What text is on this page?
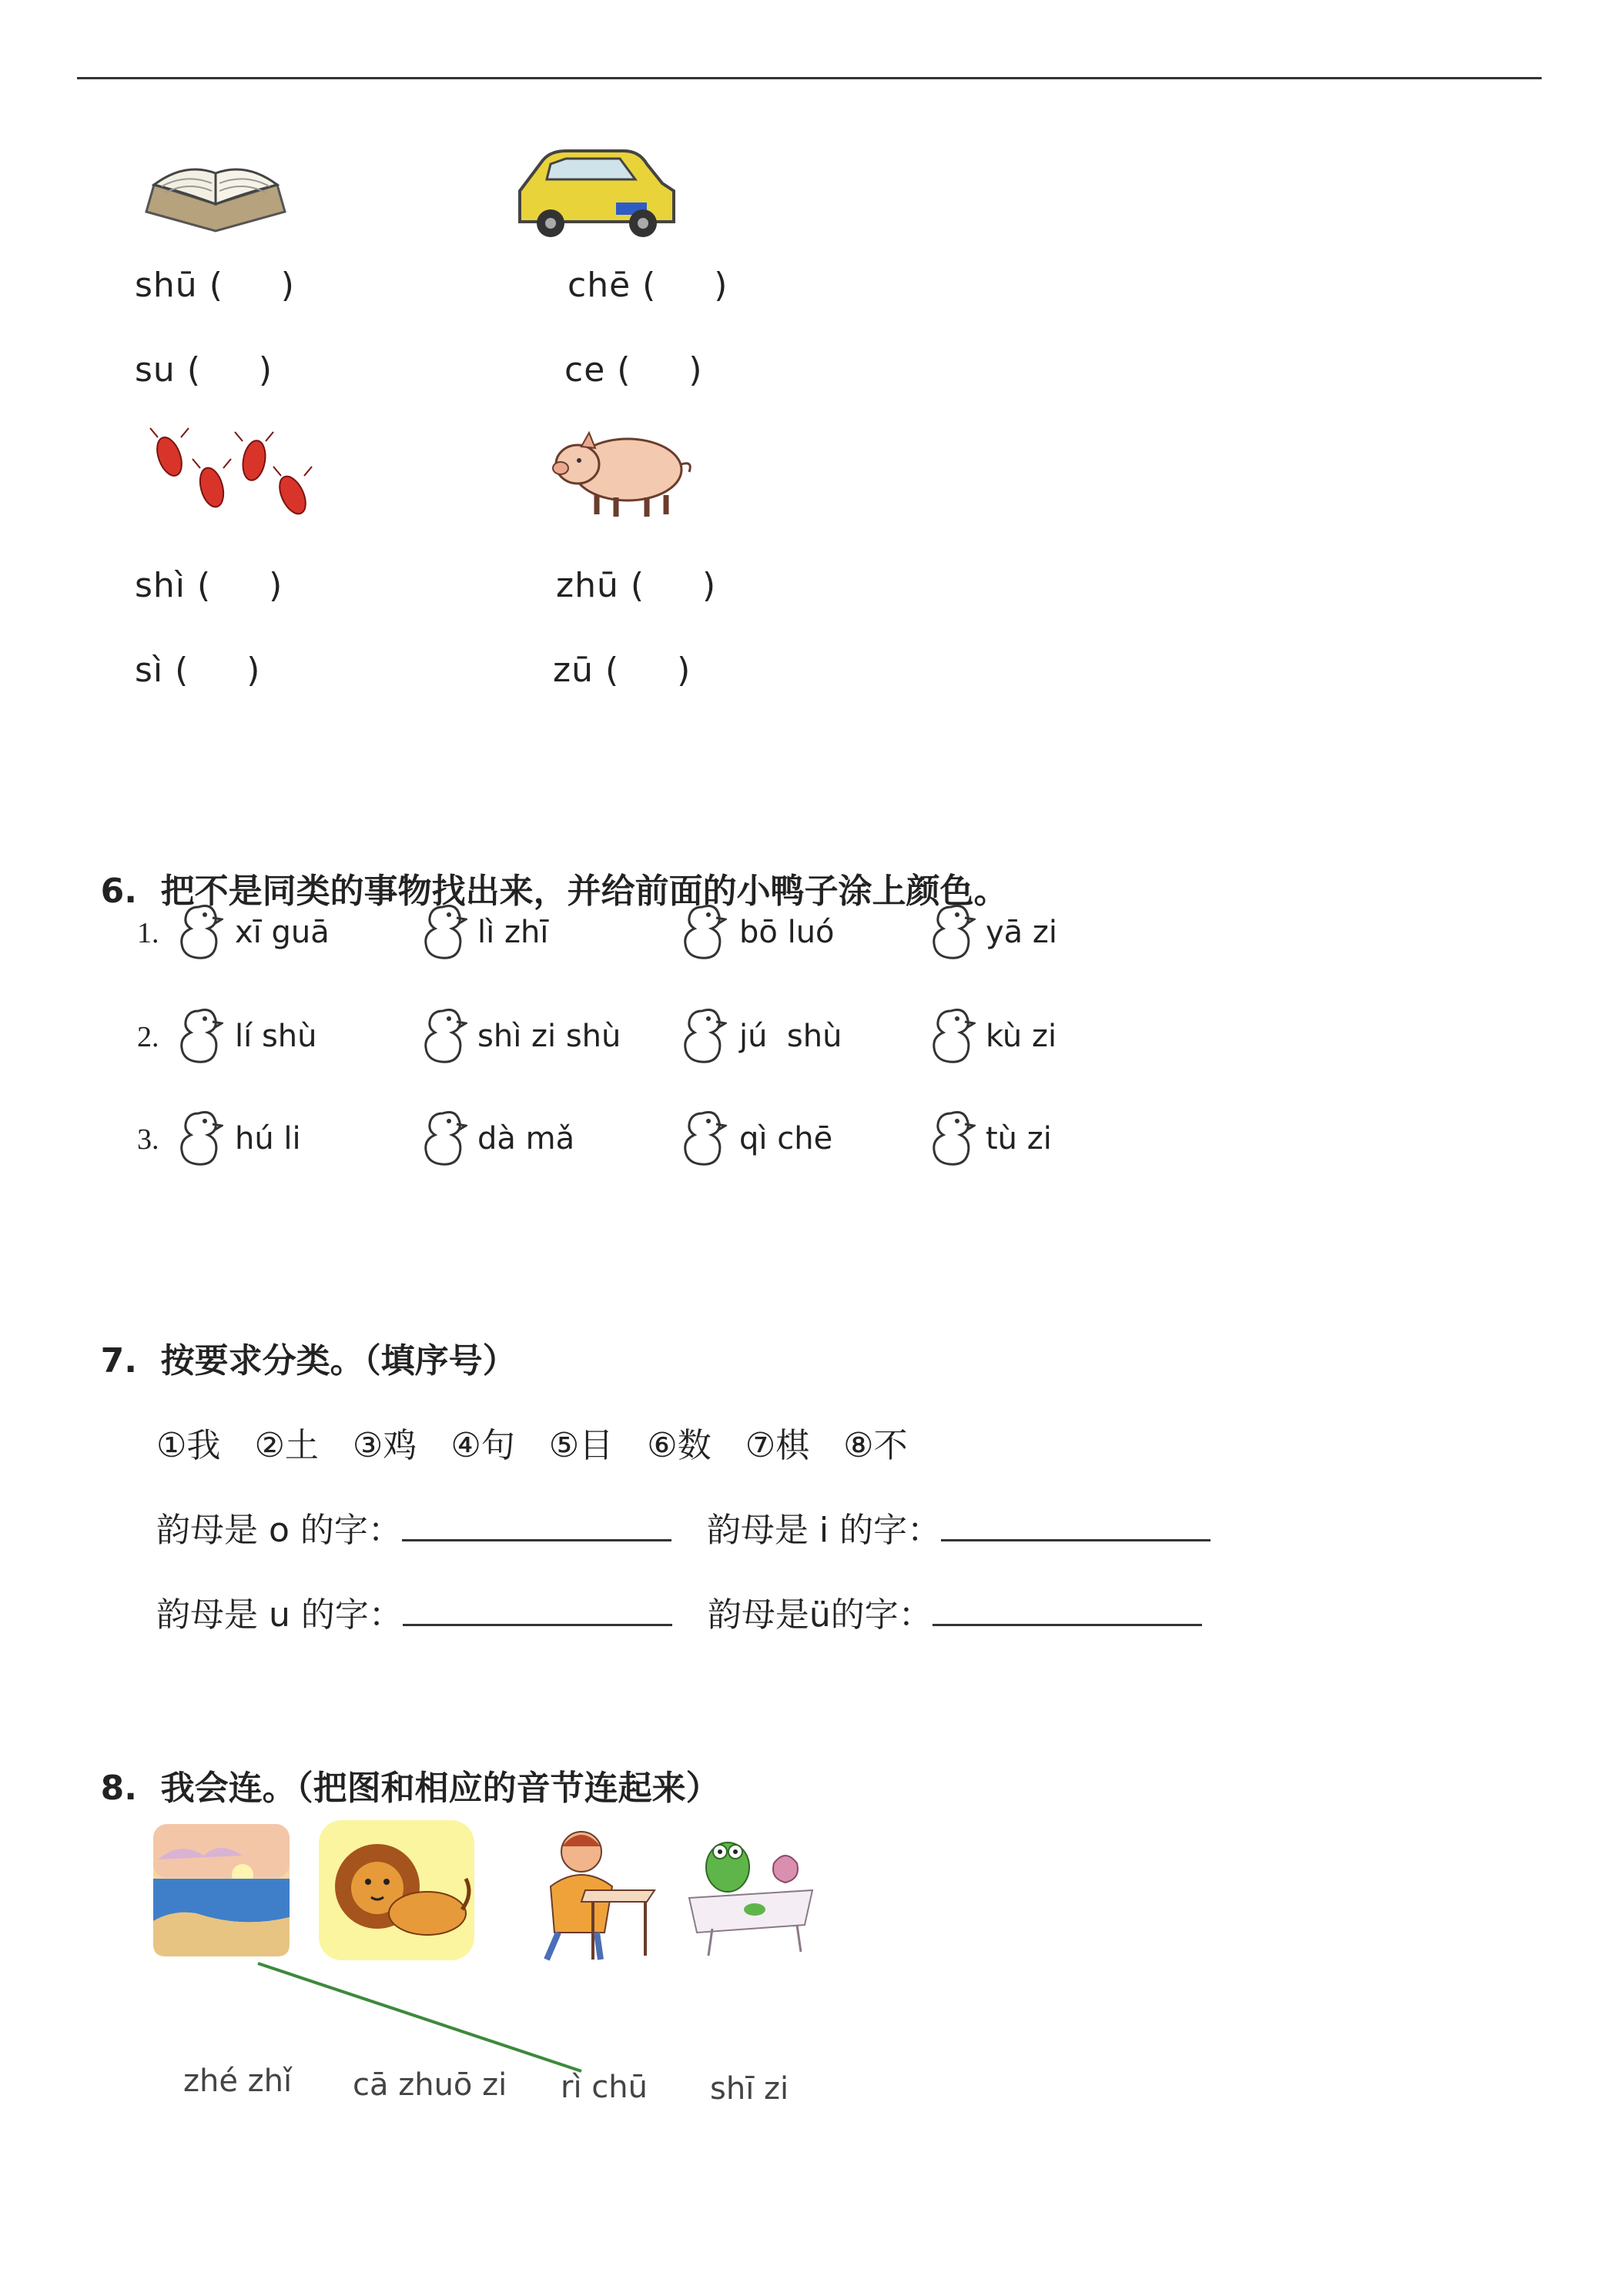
shū (     )
su (     )
chē (     )
ce (     )
shì (     )
sì (     )
zhū (     )
zū (     )

6. 把不是同类的事物找出来，并给前面的小鸭子涂上颜色。

1. xī guā	lì zhī	bō luó	yā zi
2. lí shù	shì zi shù	jú  shù	kù zi
3. hú li	dà mǎ	qì chē	tù zi

7. 按要求分类。（填序号）

①我 ②土 ③鸡 ④句 ⑤目 ⑥数 ⑦棋 ⑧不

韵母是 o 的字：	韵母是 i 的字：

韵母是 u 的字：	韵母是ü的字：

8. 我会连。（把图和相应的音节连起来）

zhé zhǐ cā zhuō zi rì chū shī zi
